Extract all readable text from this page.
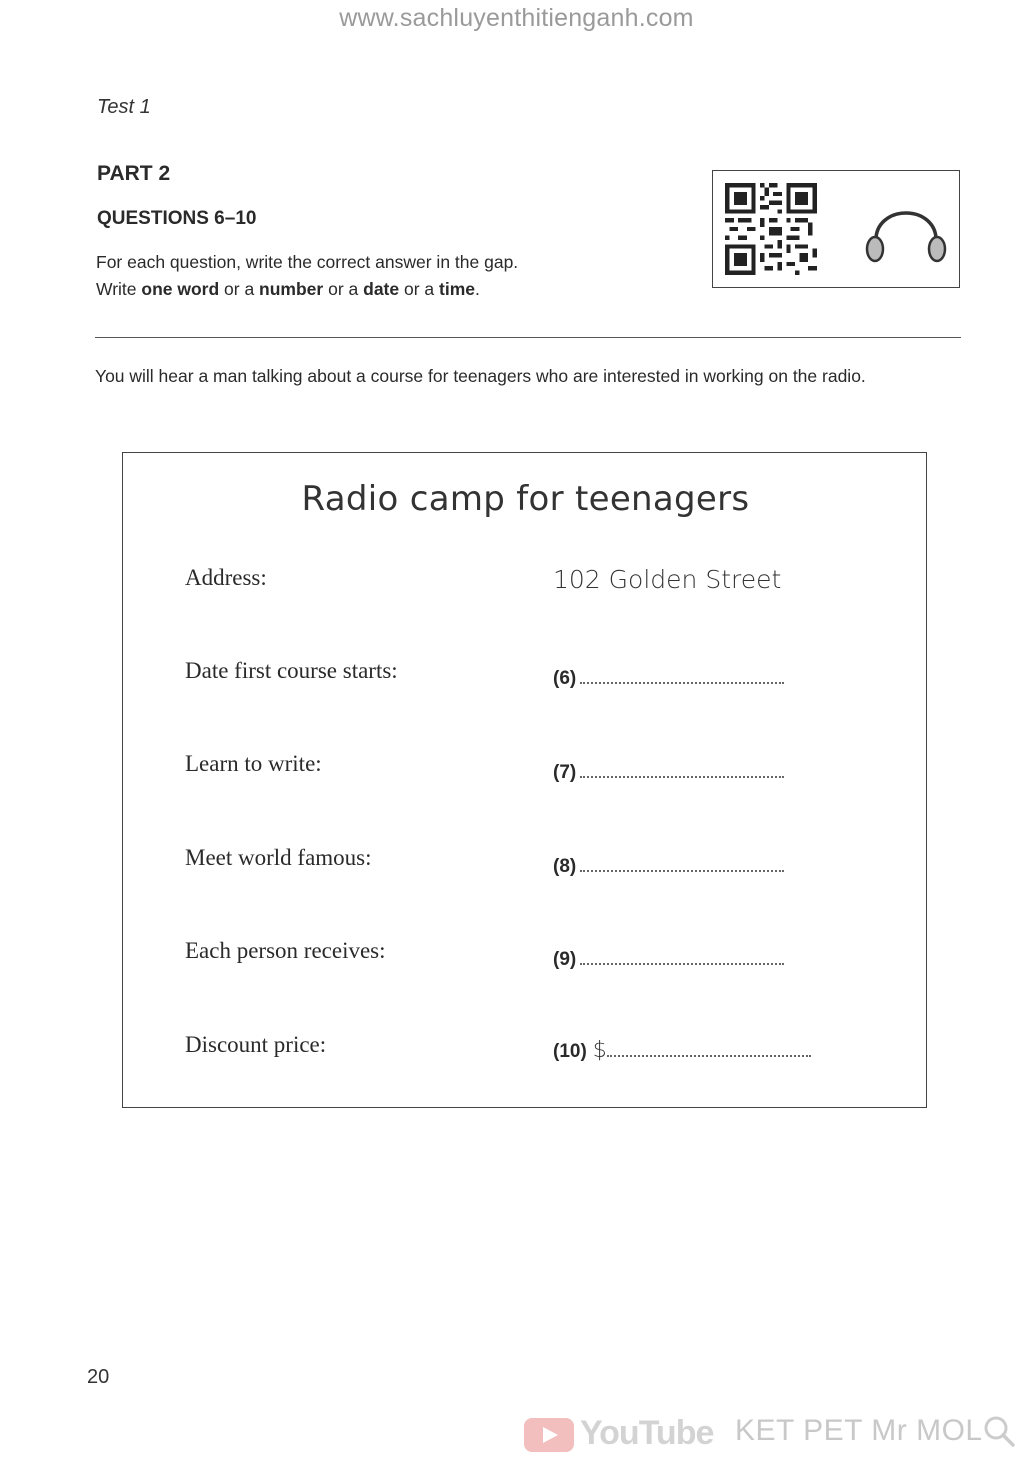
www.sachluyenthitienganh.com
Test 1
PART 2
QUESTIONS 6–10
For each question, write the correct answer in the gap.
Write one word or a number or a date or a time.
You will hear a man talking about a course for teenagers who are interested in working on the radio.
Radio camp for teenagers
Address:	102 Golden Street
Date first course starts:	(6)
Learn to write:	(7)
Meet world famous:	(8)
Each person receives:	(9)
Discount price:	(10) $
20
YouTube KET PET Mr MOL
